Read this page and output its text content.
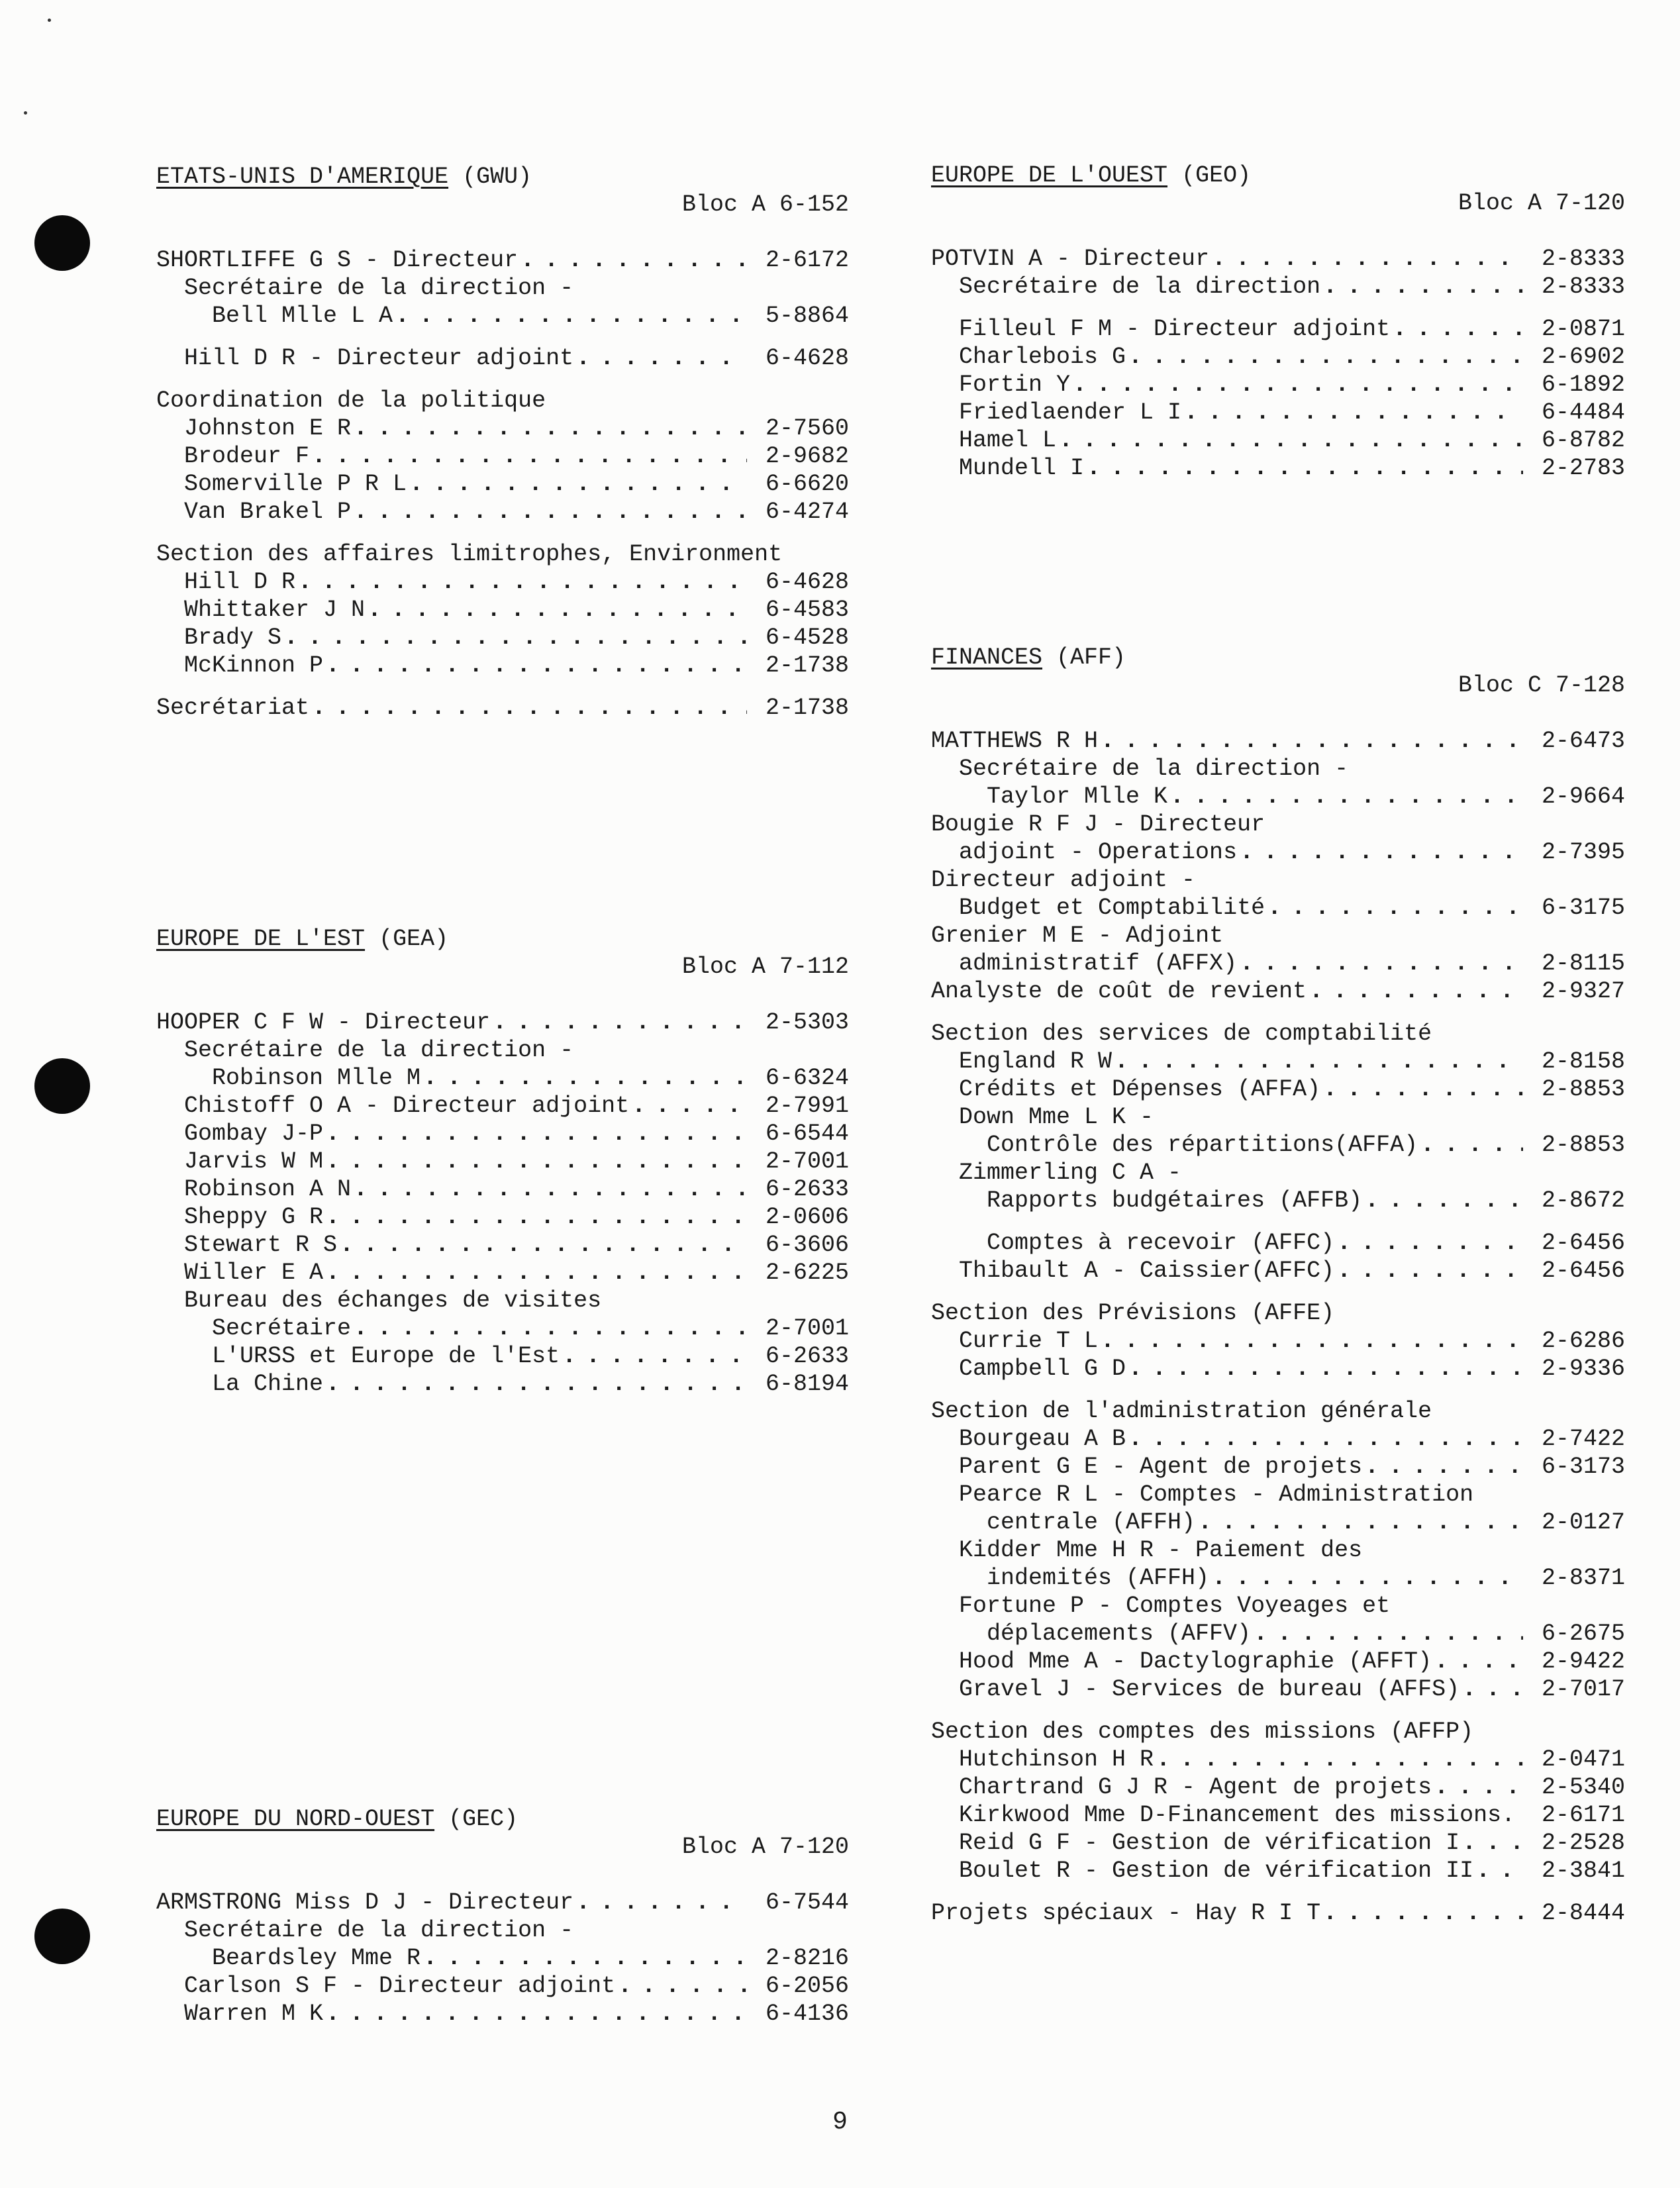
ETATS-UNIS D'AMERIQUE (GWU)
Bloc A 6-152
SHORTLIFFE G S - Directeur . . .	2-6172
Secrétaire de la direction -
Bell Mlle L A . . .	5-8864
Hill D R - Directeur adjoint . . .	6-4628
Coordination de la politique
Johnston E R . . .	2-7560
Brodeur F . . .	2-9682
Somerville P R L . . .	6-6620
Van Brakel P . . .	6-4274
Section des affaires limitrophes, Environment
Hill D R . . .	6-4628
Whittaker J N . . .	6-4583
Brady S . . .	6-4528
McKinnon P . . .	2-1738
Secrétariat . . .	2-1738
EUROPE DE L'EST (GEA)
Bloc A 7-112
HOOPER C F W - Directeur . . .	2-5303
Secrétaire de la direction -
Robinson Mlle M . . .	6-6324
Chistoff O A - Directeur adjoint . . .	2-7991
Gombay J-P . . .	6-6544
Jarvis W M . . .	2-7001
Robinson A N . . .	6-2633
Sheppy G R . . .	2-0606
Stewart R S . . .	6-3606
Willer E A . . .	2-6225
Bureau des échanges de visites
Secrétaire . . .	2-7001
L'URSS et Europe de l'Est . . .	6-2633
La Chine . . .	6-8194
EUROPE DU NORD-OUEST (GEC)
Bloc A 7-120
ARMSTRONG Miss D J - Directeur . . .	6-7544
Secrétaire de la direction -
Beardsley Mme R . . .	2-8216
Carlson S F - Directeur adjoint . . .	6-2056
Warren M K . . .	6-4136
EUROPE DE L'OUEST (GEO)
Bloc A 7-120
POTVIN A - Directeur . . .	2-8333
Secrétaire de la direction . . .	2-8333
Filleul F M - Directeur adjoint . . .	2-0871
Charlebois G . . .	2-6902
Fortin Y . . .	6-1892
Friedlaender L I . . .	6-4484
Hamel L . . .	6-8782
Mundell I . . .	2-2783
FINANCES (AFF)
Bloc C 7-128
MATTHEWS R H . . .	2-6473
Secrétaire de la direction -
Taylor Mlle K . . .	2-9664
Bougie R F J - Directeur
adjoint - Operations . . .	2-7395
Directeur adjoint -
Budget et Comptabilité . . .	6-3175
Grenier M E - Adjoint
administratif (AFFX) . . .	2-8115
Analyste de coût de revient . . .	2-9327
Section des services de comptabilité
England R W . . .	2-8158
Crédits et Dépenses (AFFA) . . .	2-8853
Down Mme L K -
Contrôle des répartitions(AFFA) . . .	2-8853
Zimmerling C A -
Rapports budgétaires (AFFB) . . .	2-8672
Comptes à recevoir (AFFC) . . .	2-6456
Thibault A - Caissier(AFFC) . . .	2-6456
Section des Prévisions (AFFE)
Currie T L . . .	2-6286
Campbell G D . . .	2-9336
Section de l'administration générale
Bourgeau A B . . .	2-7422
Parent G E - Agent de projets . . .	6-3173
Pearce R L - Comptes - Administration
centrale (AFFH) . . .	2-0127
Kidder Mme H R - Paiement des
indemités (AFFH) . . .	2-8371
Fortune P - Comptes Voyeages et
déplacements (AFFV) . . .	6-2675
Hood Mme A - Dactylographie (AFFT) . . .	2-9422
Gravel J - Services de bureau (AFFS) . . .	2-7017
Section des comptes des missions (AFFP)
Hutchinson H R . . .	2-0471
Chartrand G J R - Agent de projets . . .	2-5340
Kirkwood Mme D-Financement des missions. . . .	2-6171
Reid G F - Gestion de vérification I . . .	2-2528
Boulet R - Gestion de vérification II . . .	2-3841
Projets spéciaux - Hay R I T . . .	2-8444
9
